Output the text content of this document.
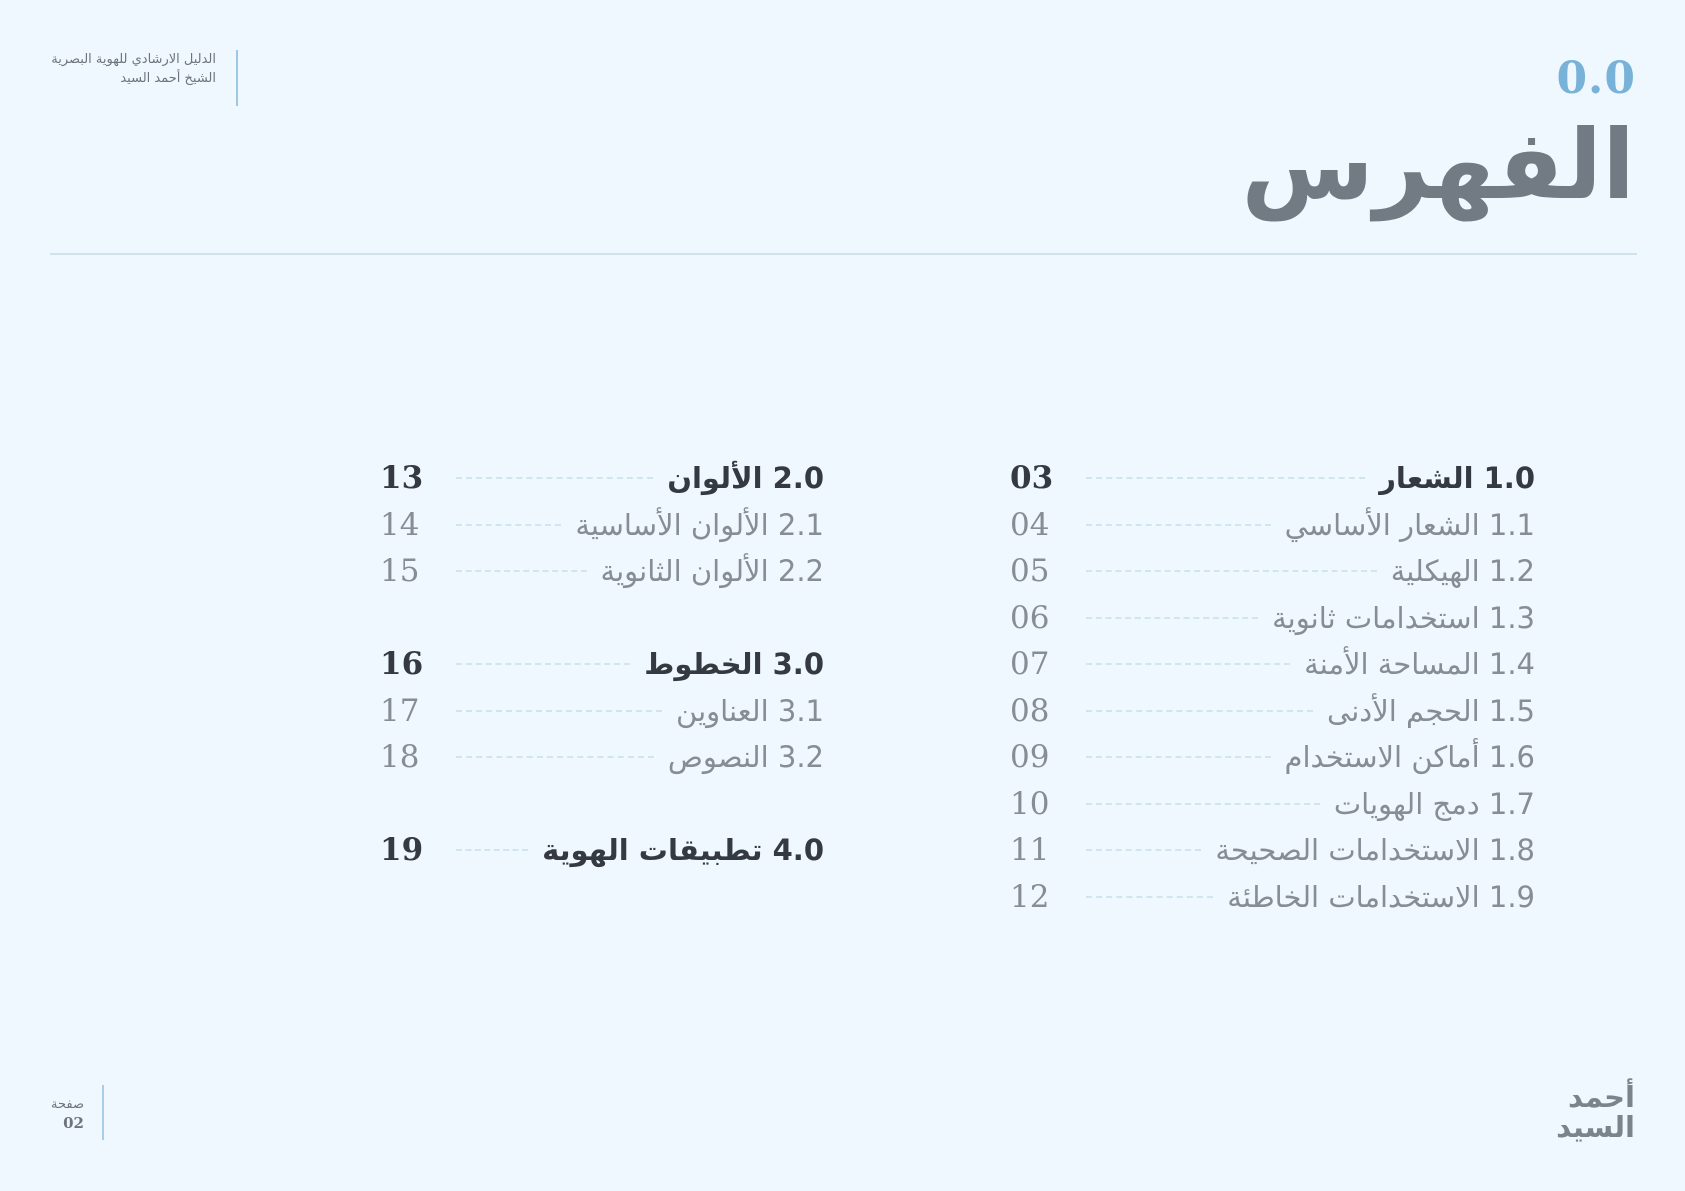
الدليل الارشادي للهوية البصرية
الشيخ أحمد السيد	0.0
الفهرس
03	1.0 الشعار
04	1.1 الشعار الأساسي
05	1.2 الهيكلية
06	1.3 استخدامات ثانوية
07	1.4 المساحة الأمنة
08	1.5 الحجم الأدنى
09	1.6 أماكن الاستخدام
10	1.7 دمج الهويات
11	1.8 الاستخدامات الصحيحة
12	1.9 الاستخدامات الخاطئة
13	2.0 الألوان
14	2.1 الألوان الأساسية
15	2.2 الألوان الثانوية
16	3.0 الخطوط
17	3.1 العناوين
18	3.2 النصوص
19	4.0 تطبيقات الهوية
صفحة
02
أحمد
السيد
